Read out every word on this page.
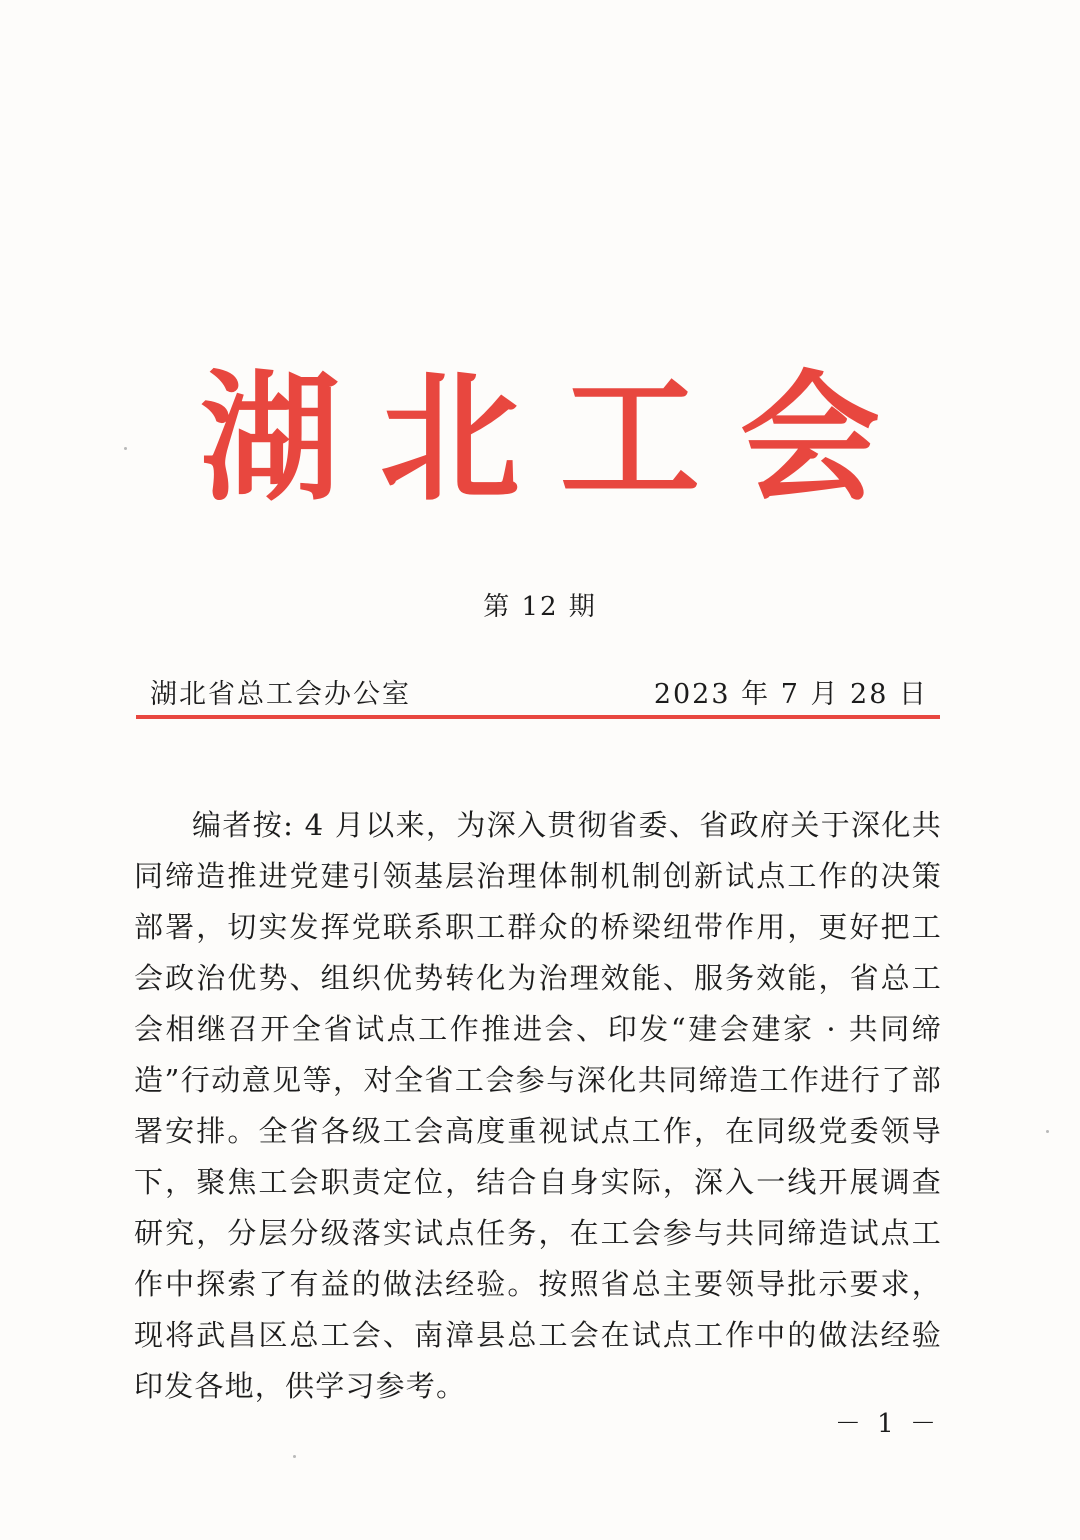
湖 北 工 会
第 12 期
湖北省总工会办公室	2023 年 7 月 28 日

编者按: 4 月以来，为深入贯彻省委、省政府关于深化共同缔造推进党建引领基层治理体制机制创新试点工作的决策部署，切实发挥党联系职工群众的桥梁纽带作用，更好把工会政治优势、组织优势转化为治理效能、服务效能，省总工会相继召开全省试点工作推进会、印发“建会建家 · 共同缔造”行动意见等，对全省工会参与深化共同缔造工作进行了部署安排。全省各级工会高度重视试点工作，在同级党委领导下，聚焦工会职责定位，结合自身实际，深入一线开展调查研究，分层分级落实试点任务，在工会参与共同缔造试点工作中探索了有益的做法经验。按照省总主要领导批示要求，现将武昌区总工会、南漳县总工会在试点工作中的做法经验印发各地，供学习参考。

－ 1 －
